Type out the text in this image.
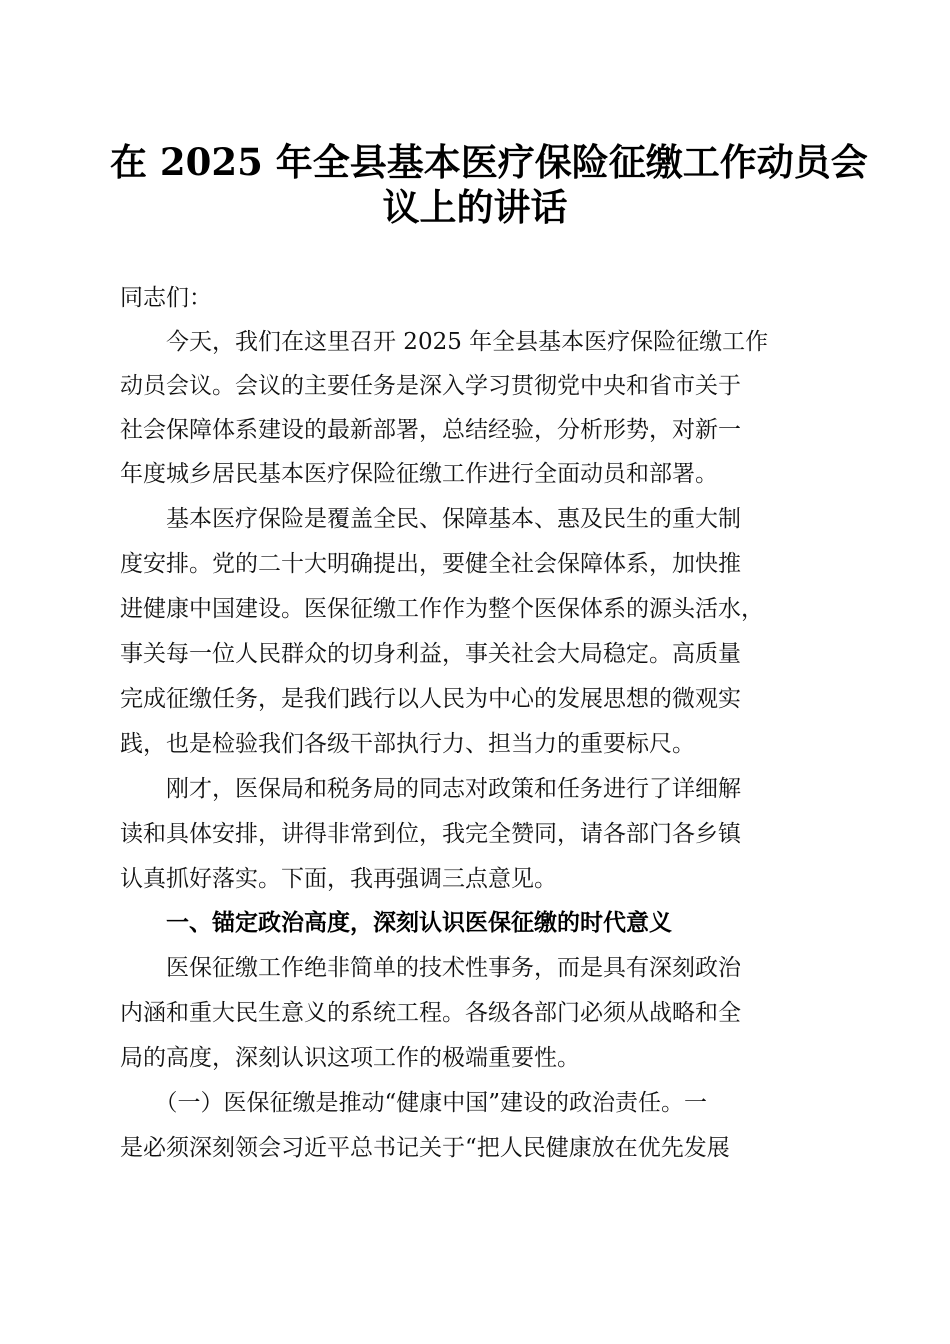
在 2025 年全县基本医疗保险征缴工作动员会
议上的讲话
同志们：
　　今天，我们在这里召开 2025 年全县基本医疗保险征缴工作
动员会议。会议的主要任务是深入学习贯彻党中央和省市关于
社会保障体系建设的最新部署，总结经验，分析形势，对新一
年度城乡居民基本医疗保险征缴工作进行全面动员和部署。
　　基本医疗保险是覆盖全民、保障基本、惠及民生的重大制
度安排。党的二十大明确提出，要健全社会保障体系，加快推
进健康中国建设。医保征缴工作作为整个医保体系的源头活水，
事关每一位人民群众的切身利益，事关社会大局稳定。高质量
完成征缴任务，是我们践行以人民为中心的发展思想的微观实
践，也是检验我们各级干部执行力、担当力的重要标尺。
　　刚才，医保局和税务局的同志对政策和任务进行了详细解
读和具体安排，讲得非常到位，我完全赞同，请各部门各乡镇
认真抓好落实。下面，我再强调三点意见。
　　一、锚定政治高度，深刻认识医保征缴的时代意义
　　医保征缴工作绝非简单的技术性事务，而是具有深刻政治
内涵和重大民生意义的系统工程。各级各部门必须从战略和全
局的高度，深刻认识这项工作的极端重要性。
　　（一）医保征缴是推动“健康中国”建设的政治责任。一
是必须深刻领会习近平总书记关于“把人民健康放在优先发展
